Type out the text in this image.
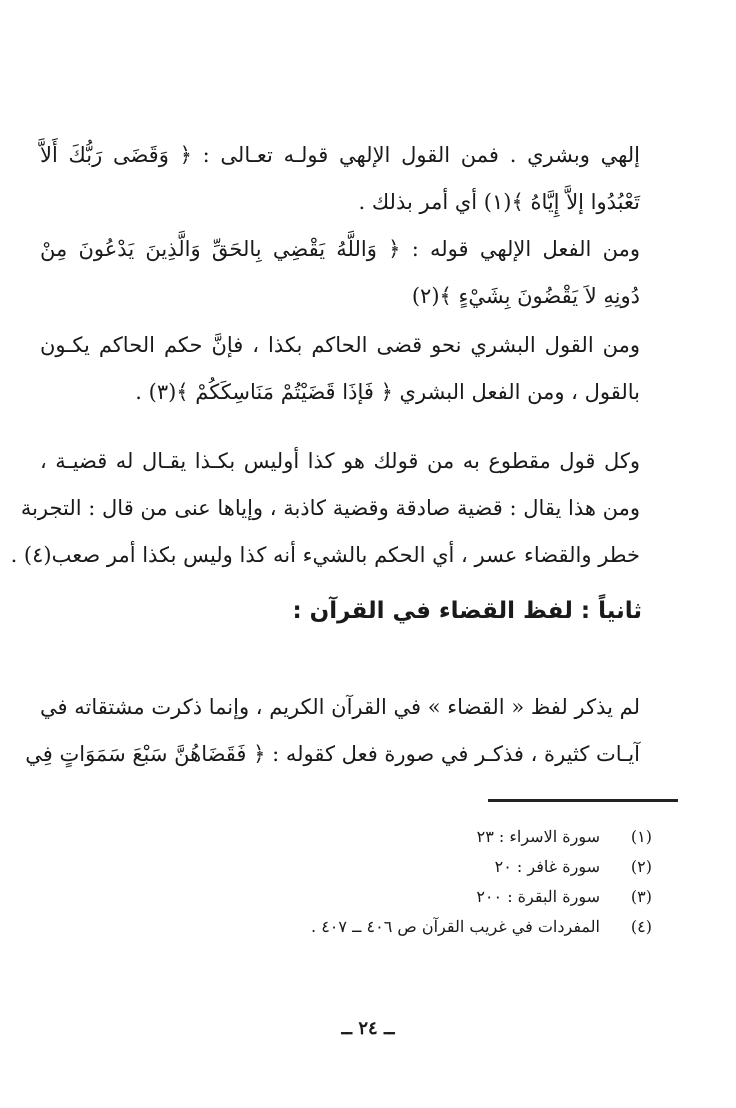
إلهي وبشري . فمن القول الإلهي قولـه تعـالى : ﴿ وَقَضَى رَبُّكَ أَلاَّ
تَعْبُدُوا إلاَّ إِيَّاهُ ﴾(١) أي أمر بذلك .
ومن الفعل الإلهي قوله : ﴿ وَاللَّهُ يَقْضِي بِالحَقِّ وَالَّذِينَ يَدْعُونَ مِنْ
دُونِهِ لاَ يَقْضُونَ بِشَيْءٍ ﴾(٢)
ومن القول البشري نحو قضى الحاكم بكذا ، فإنَّ حكم الحاكم يكـون
بالقول ، ومن الفعل البشري ﴿ فَإذَا قَضَيْتُمْ مَنَاسِكَكُمْ ﴾(٣) .
وكل قول مقطوع به من قولك هو كذا أوليس بكـذا يقـال له قضيـة ،
ومن هذا يقال : قضية صادقة وقضية كاذبة ، وإياها عنى من قال : التجربة
خطر والقضاء عسر ، أي الحكم بالشيء أنه كذا وليس بكذا أمر صعب(٤) .
ثانياً : لفظ القضاء في القرآن :
لم يذكر لفظ « القضاء » في القرآن الكريم ، وإنما ذكرت مشتقاته في
آيـات كثيرة ، فذكـر في صورة فعل كقوله : ﴿ فَقَضَاهُنَّ سَبْعَ سَمَوَاتٍ فِي
(١)
سورة الاسراء : ٢٣
(٢)
سورة غافر : ٢٠
(٣)
سورة البقرة : ٢٠٠
(٤)
المفردات في غريب القرآن ص ٤٠٦ ــ ٤٠٧ .
ــ ٢٤ ــ
